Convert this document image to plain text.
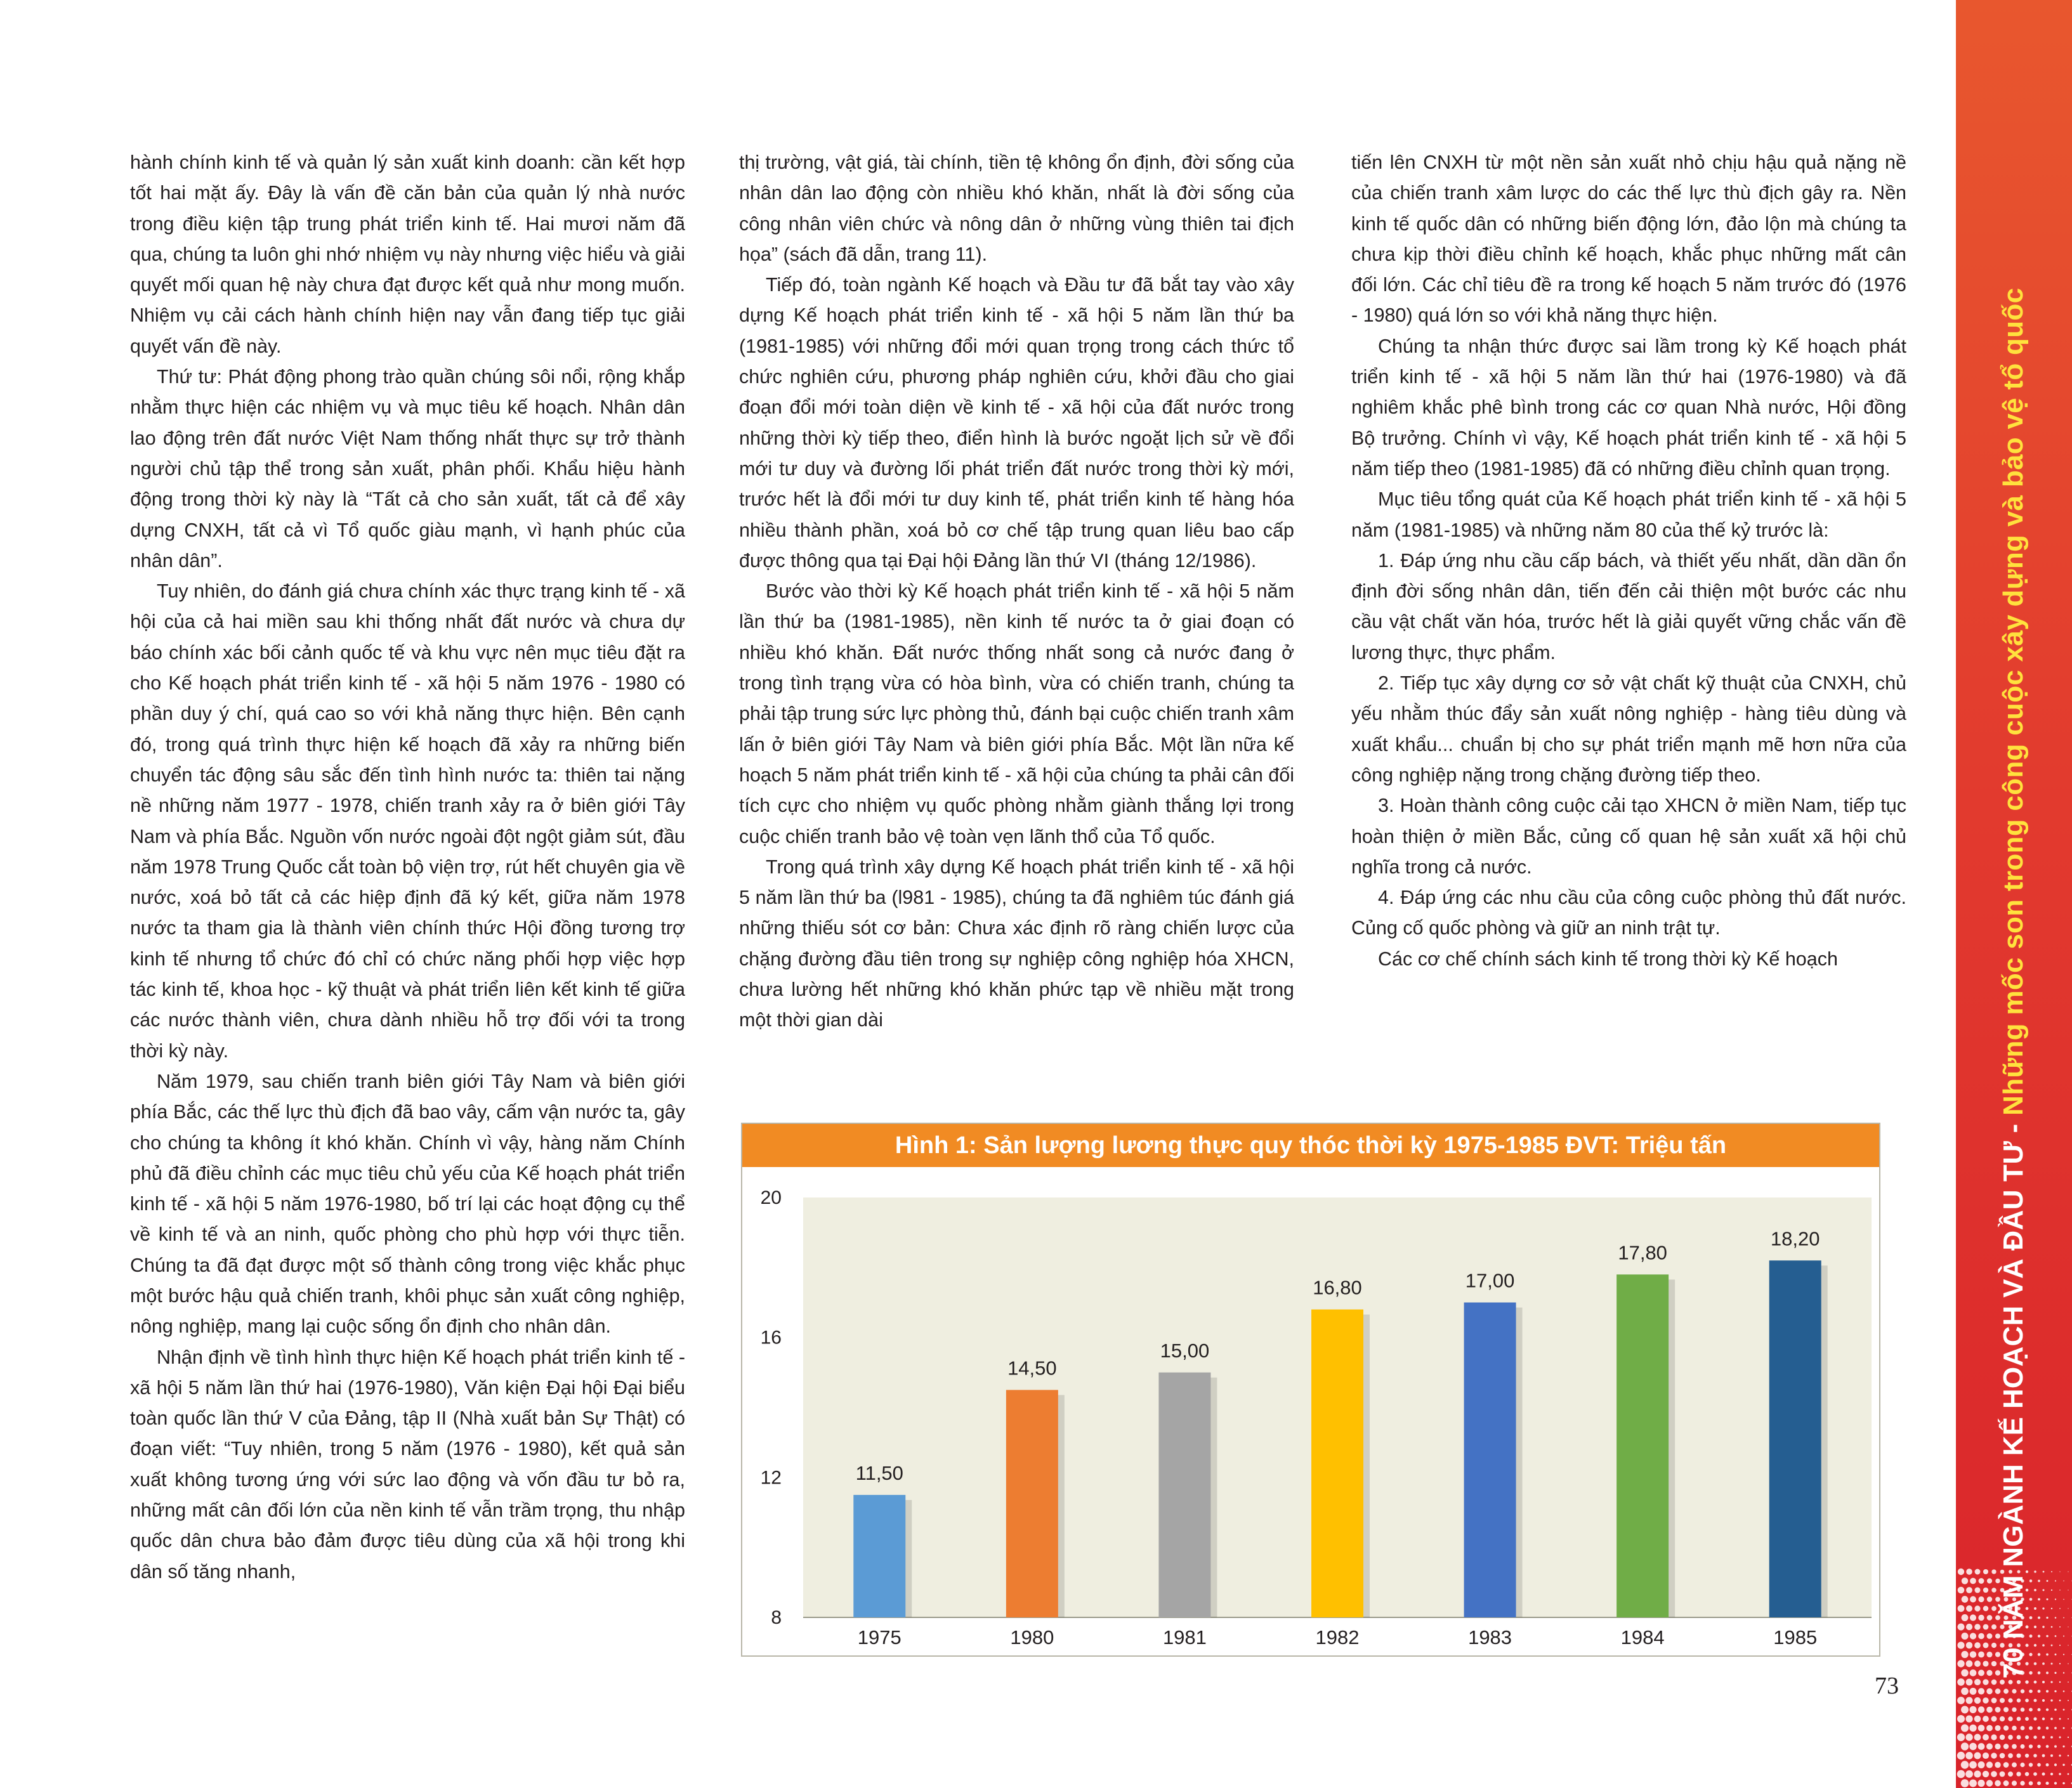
70 NĂM NGÀNH KẾ HOẠCH VÀ ĐẦU TƯ - Những mốc son trong công cuộc xây dựng và bảo vệ tổ quốc

hành chính kinh tế và quản lý sản xuất kinh doanh: cần kết hợp tốt hai mặt ấy. Đây là vấn đề căn bản của quản lý nhà nước trong điều kiện tập trung phát triển kinh tế. Hai mươi năm đã qua, chúng ta luôn ghi nhớ nhiệm vụ này nhưng việc hiểu và giải quyết mối quan hệ này chưa đạt được kết quả như mong muốn. Nhiệm vụ cải cách hành chính hiện nay vẫn đang tiếp tục giải quyết vấn đề này.

Thứ tư: Phát động phong trào quần chúng sôi nổi, rộng khắp nhằm thực hiện các nhiệm vụ và mục tiêu kế hoạch. Nhân dân lao động trên đất nước Việt Nam thống nhất thực sự trở thành người chủ tập thể trong sản xuất, phân phối. Khẩu hiệu hành động trong thời kỳ này là “Tất cả cho sản xuất, tất cả để xây dựng CNXH, tất cả vì Tổ quốc giàu mạnh, vì hạnh phúc của nhân dân”.

Tuy nhiên, do đánh giá chưa chính xác thực trạng kinh tế - xã hội của cả hai miền sau khi thống nhất đất nước và chưa dự báo chính xác bối cảnh quốc tế và khu vực nên mục tiêu đặt ra cho Kế hoạch phát triển kinh tế - xã hội 5 năm 1976 - 1980 có phần duy ý chí, quá cao so với khả năng thực hiện. Bên cạnh đó, trong quá trình thực hiện kế hoạch đã xảy ra những biến chuyển tác động sâu sắc đến tình hình nước ta: thiên tai nặng nề những năm 1977 - 1978, chiến tranh xảy ra ở biên giới Tây Nam và phía Bắc. Nguồn vốn nước ngoài đột ngột giảm sút, đầu năm 1978 Trung Quốc cắt toàn bộ viện trợ, rút hết chuyên gia về nước, xoá bỏ tất cả các hiệp định đã ký kết, giữa năm 1978 nước ta tham gia là thành viên chính thức Hội đồng tương trợ kinh tế nhưng tổ chức đó chỉ có chức năng phối hợp việc hợp tác kinh tế, khoa học - kỹ thuật và phát triển liên kết kinh tế giữa các nước thành viên, chưa dành nhiều hỗ trợ đối với ta trong thời kỳ này.

Năm 1979, sau chiến tranh biên giới Tây Nam và biên giới phía Bắc, các thế lực thù địch đã bao vây, cấm vận nước ta, gây cho chúng ta không ít khó khăn. Chính vì vậy, hàng năm Chính phủ đã điều chỉnh các mục tiêu chủ yếu của Kế hoạch phát triển kinh tế - xã hội 5 năm 1976-1980, bố trí lại các hoạt động cụ thể về kinh tế và an ninh, quốc phòng cho phù hợp với thực tiễn. Chúng ta đã đạt được một số thành công trong việc khắc phục một bước hậu quả chiến tranh, khôi phục sản xuất công nghiệp, nông nghiệp, mang lại cuộc sống ổn định cho nhân dân.

Nhận định về tình hình thực hiện Kế hoạch phát triển kinh tế - xã hội 5 năm lần thứ hai (1976-1980), Văn kiện Đại hội Đại biểu toàn quốc lần thứ V của Đảng, tập II (Nhà xuất bản Sự Thật) có đoạn viết: “Tuy nhiên, trong 5 năm (1976 - 1980), kết quả sản xuất không tương ứng với sức lao động và vốn đầu tư bỏ ra, những mất cân đối lớn của nền kinh tế vẫn trầm trọng, thu nhập quốc dân chưa bảo đảm được tiêu dùng của xã hội trong khi dân số tăng nhanh,

thị trường, vật giá, tài chính, tiền tệ không ổn định, đời sống của nhân dân lao động còn nhiều khó khăn, nhất là đời sống của công nhân viên chức và nông dân ở những vùng thiên tai địch họa” (sách đã dẫn, trang 11).

Tiếp đó, toàn ngành Kế hoạch và Đầu tư đã bắt tay vào xây dựng Kế hoạch phát triển kinh tế - xã hội 5 năm lần thứ ba (1981-1985) với những đổi mới quan trọng trong cách thức tổ chức nghiên cứu, phương pháp nghiên cứu, khởi đầu cho giai đoạn đổi mới toàn diện về kinh tế - xã hội của đất nước trong những thời kỳ tiếp theo, điển hình là bước ngoặt lịch sử về đổi mới tư duy và đường lối phát triển đất nước trong thời kỳ mới, trước hết là đổi mới tư duy kinh tế, phát triển kinh tế hàng hóa nhiều thành phần, xoá bỏ cơ chế tập trung quan liêu bao cấp được thông qua tại Đại hội Đảng lần thứ VI (tháng 12/1986).

Bước vào thời kỳ Kế hoạch phát triển kinh tế - xã hội 5 năm lần thứ ba (1981-1985), nền kinh tế nước ta ở giai đoạn có nhiều khó khăn. Đất nước thống nhất song cả nước đang ở trong tình trạng vừa có hòa bình, vừa có chiến tranh, chúng ta phải tập trung sức lực phòng thủ, đánh bại cuộc chiến tranh xâm lấn ở biên giới Tây Nam và biên giới phía Bắc. Một lần nữa kế hoạch 5 năm phát triển kinh tế - xã hội của chúng ta phải cân đối tích cực cho nhiệm vụ quốc phòng nhằm giành thắng lợi trong cuộc chiến tranh bảo vệ toàn vẹn lãnh thổ của Tổ quốc.

Trong quá trình xây dựng Kế hoạch phát triển kinh tế - xã hội 5 năm lần thứ ba (l981 - 1985), chúng ta đã nghiêm túc đánh giá những thiếu sót cơ bản: Chưa xác định rõ ràng chiến lược của chặng đường đầu tiên trong sự nghiệp công nghiệp hóa XHCN, chưa lường hết những khó khăn phức tạp về nhiều mặt trong một thời gian dài

tiến lên CNXH từ một nền sản xuất nhỏ chịu hậu quả nặng nề của chiến tranh xâm lược do các thế lực thù địch gây ra. Nền kinh tế quốc dân có những biến động lớn, đảo lộn mà chúng ta chưa kịp thời điều chỉnh kế hoạch, khắc phục những mất cân đối lớn. Các chỉ tiêu đề ra trong kế hoạch 5 năm trước đó (1976 - 1980) quá lớn so với khả năng thực hiện.

Chúng ta nhận thức được sai lầm trong kỳ Kế hoạch phát triển kinh tế - xã hội 5 năm lần thứ hai (1976-1980) và đã nghiêm khắc phê bình trong các cơ quan Nhà nước, Hội đồng Bộ trưởng. Chính vì vậy, Kế hoạch phát triển kinh tế - xã hội 5 năm tiếp theo (1981-1985) đã có những điều chỉnh quan trọng.

Mục tiêu tổng quát của Kế hoạch phát triển kinh tế - xã hội 5 năm (1981-1985) và những năm 80 của thế kỷ trước là:

1. Đáp ứng nhu cầu cấp bách, và thiết yếu nhất, dần dần ổn định đời sống nhân dân, tiến đến cải thiện một bước các nhu cầu vật chất văn hóa, trước hết là giải quyết vững chắc vấn đề lương thực, thực phẩm.

2. Tiếp tục xây dựng cơ sở vật chất kỹ thuật của CNXH, chủ yếu nhằm thúc đẩy sản xuất nông nghiệp - hàng tiêu dùng và xuất khẩu... chuẩn bị cho sự phát triển mạnh mẽ hơn nữa của công nghiệp nặng trong chặng đường tiếp theo.

3. Hoàn thành công cuộc cải tạo XHCN ở miền Nam, tiếp tục hoàn thiện ở miền Bắc, củng cố quan hệ sản xuất xã hội chủ nghĩa trong cả nước.

4. Đáp ứng các nhu cầu của công cuộc phòng thủ đất nước. Củng cố quốc phòng và giữ an ninh trật tự.

Các cơ chế chính sách kinh tế trong thời kỳ Kế hoạch

Hình 1: Sản lượng lương thực quy thóc thời kỳ 1975-1985 ĐVT: Triệu tấn
8
12
16
20
11,50
1975
14,50
1980
15,00
1981
16,80
1982
17,00
1983
17,80
1984
18,20
1985
73
